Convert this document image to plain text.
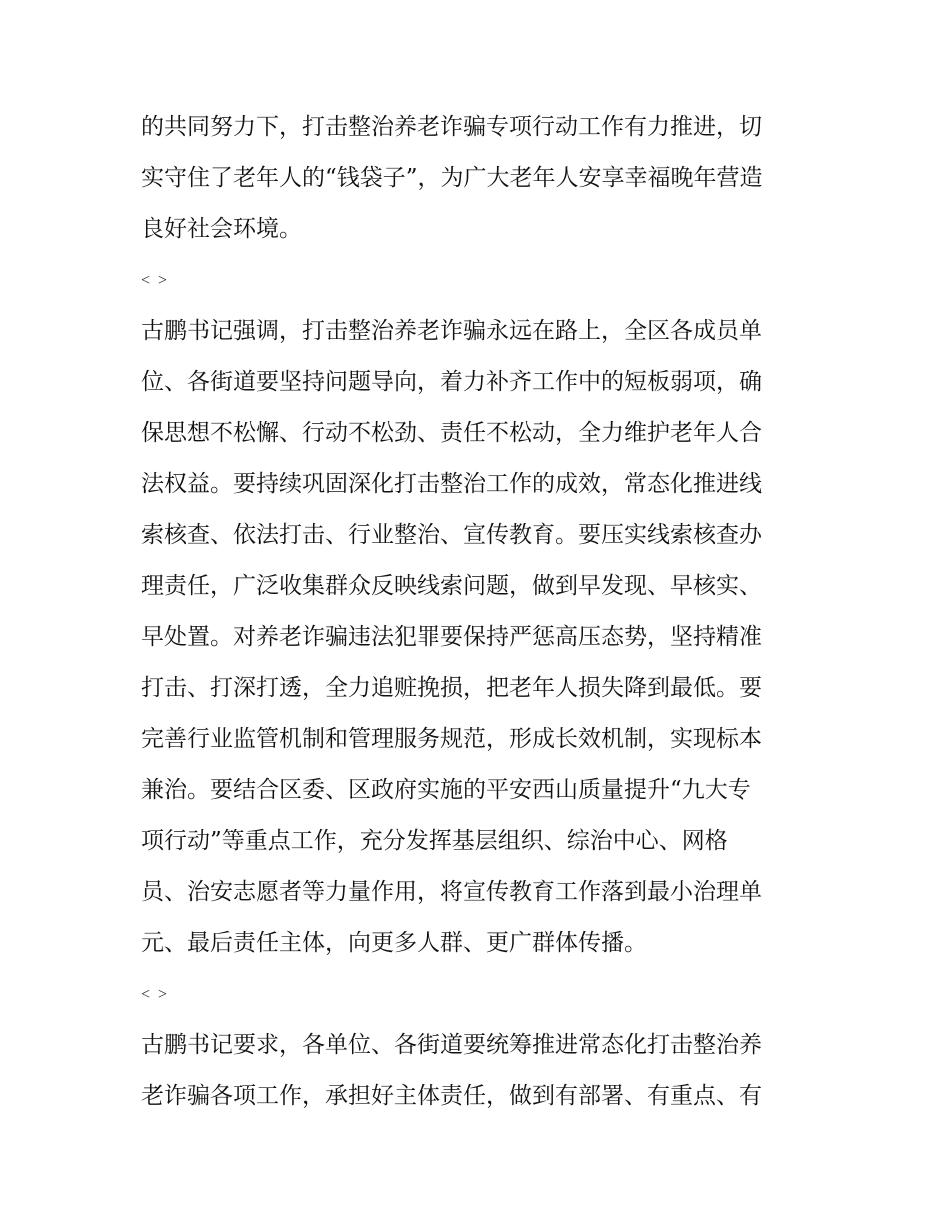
的共同努力下，打击整治养老诈骗专项行动工作有力推进，切
实守住了老年人的“钱袋子”，为广大老年人安享幸福晚年营造
良好社会环境。
< >
古鹏书记强调，打击整治养老诈骗永远在路上，全区各成员单
位、各街道要坚持问题导向，着力补齐工作中的短板弱项，确
保思想不松懈、行动不松劲、责任不松动，全力维护老年人合
法权益。要持续巩固深化打击整治工作的成效，常态化推进线
索核查、依法打击、行业整治、宣传教育。要压实线索核查办
理责任，广泛收集群众反映线索问题，做到早发现、早核实、
早处置。对养老诈骗违法犯罪要保持严惩高压态势，坚持精准
打击、打深打透，全力追赃挽损，把老年人损失降到最低。要
完善行业监管机制和管理服务规范，形成长效机制，实现标本
兼治。要结合区委、区政府实施的平安西山质量提升“九大专
项行动”等重点工作，充分发挥基层组织、综治中心、网格
员、治安志愿者等力量作用，将宣传教育工作落到最小治理单
元、最后责任主体，向更多人群、更广群体传播。
< >
古鹏书记要求，各单位、各街道要统筹推进常态化打击整治养
老诈骗各项工作，承担好主体责任，做到有部署、有重点、有
